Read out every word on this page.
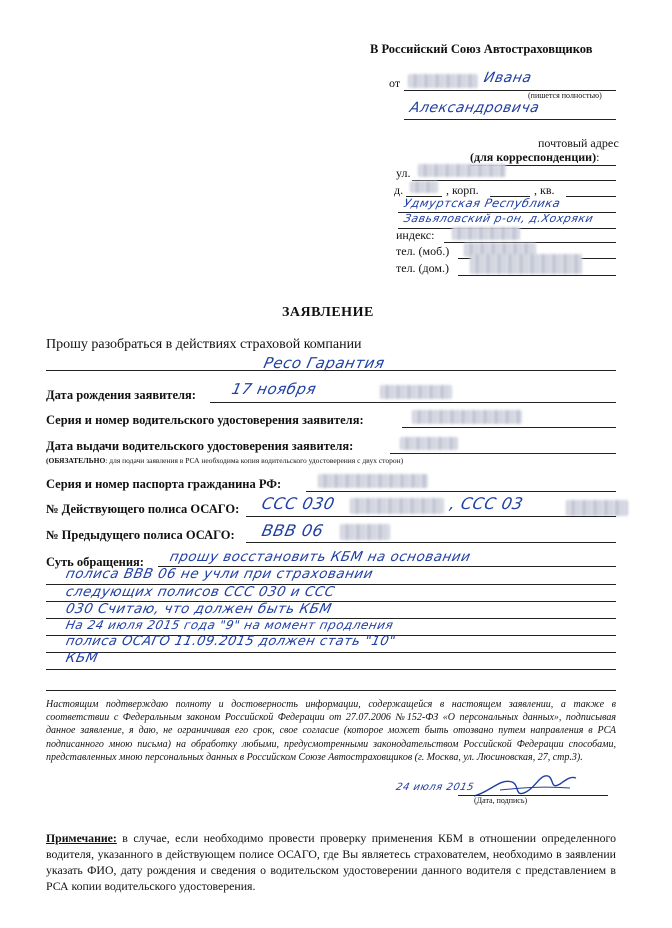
В Российский Союз Автостраховщиков
от	Ивана
(пишется полностью)
Александровича
почтовый адрес
(для корреспонденции):
ул.
д.	, корп.	, кв.
Удмуртская Республика
Завьяловский р-он, д.Хохряки
индекс:
тел. (моб.)
тел. (дом.)
ЗАЯВЛЕНИЕ
Прошу разобраться в действиях страховой компании
Ресо Гарантия
Дата рождения заявителя: 17 ноября
Серия и номер водительского удостоверения заявителя:
Дата выдачи водительского удостоверения заявителя:
(ОБЯЗАТЕЛЬНО: для подачи заявления в РСА необходима копия водительского удостоверения с двух сторон)
Серия и номер паспорта гражданина РФ:
№ Действующего полиса ОСАГО: ССС 030	, ССС 03
№ Предыдущего полиса ОСАГО: ВВВ 06
Суть обращения: прошу восстановить КБМ на основании
полиса ВВВ 06 не учли при страховании
следующих полисов ССС 030 и ССС
030 Считаю, что должен быть КБМ
На 24 июля 2015 года "9" на момент продления
полиса ОСАГО 11.09.2015 должен стать "10"
КБМ
Настоящим подтверждаю полноту и достоверность информации, содержащейся в настоящем заявлении, а также в соответствии с Федеральным законом Российской Федерации от 27.07.2006 №152-ФЗ «О персональных данных», подписывая данное заявление, я даю, не ограничивая его срок, свое согласие (которое может быть отозвано путем направления в РСА подписанного мною письма) на обработку любыми, предусмотренными законодательством Российской Федерации способами, представленных мною персональных данных в Российском Союзе Автостраховщиков (г. Москва, ул. Люсиновская, 27, стр.3).
24 июля 2015
(Дата, подпись)
Примечание: в случае, если необходимо провести проверку применения КБМ в отношении определенного водителя, указанного в действующем полисе ОСАГО, где Вы являетесь страхователем, необходимо в заявлении указать ФИО, дату рождения и сведения о водительском удостоверении данного водителя с представлением в РСА копии водительского удостоверения.
